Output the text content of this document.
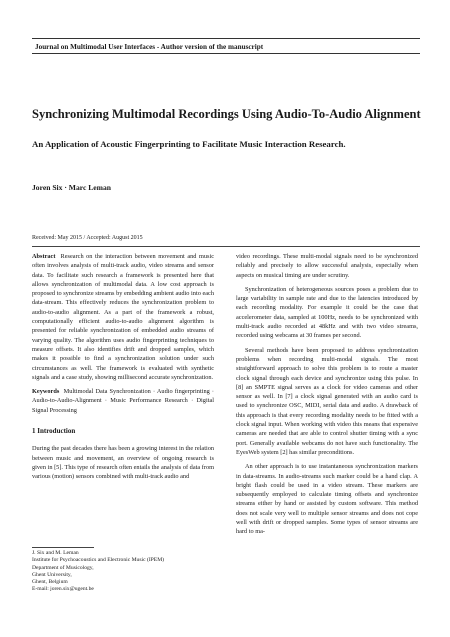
Journal on Multimodal User Interfaces - Author version of the manuscript
Synchronizing Multimodal Recordings Using Audio-To-Audio Alignment
An Application of Acoustic Fingerprinting to Facilitate Music Interaction Research.
Joren Six · Marc Leman
Received: May 2015 / Accepted: August 2015

Abstract Research on the interaction between movement and music often involves analysis of multi-track audio, video streams and sensor data. To facilitate such research a framework is presented here that allows synchronization of multimodal data. A low cost approach is proposed to synchronize streams by embedding ambient audio into each data-stream. This effectively reduces the synchronization problem to audio-to-audio alignment. As a part of the framework a robust, computationally efficient audio-to-audio alignment algorithm is presented for reliable synchronization of embedded audio streams of varying quality. The algorithm uses audio fingerprinting techniques to measure offsets. It also identifies drift and dropped samples, which makes it possible to find a synchronization solution under such circumstances as well. The framework is evaluated with synthetic signals and a case study, showing millisecond accurate synchronization.

Keywords Multimodal Data Synchronization · Audio fingerprinting · Audio-to-Audio-Alignment · Music Performance Research · Digital Signal Processing

1 Introduction

During the past decades there has been a growing interest in the relation between music and movement, an overview of ongoing research is given in [5]. This type of research often entails the analysis of data from various (motion) sensors combined with multi-track audio and

J. Six and M. Leman
Institute for Psychoacoustics and Electronic Music (IPEM)
Department of Musicology,
Ghent University,
Ghent, Belgium
E-mail: joren.six@ugent.be

video recordings. These multi-modal signals need to be synchronized reliably and precisely to allow successful analysis, especially when aspects on musical timing are under scrutiny.

Synchronization of heterogeneous sources poses a problem due to large variability in sample rate and due to the latencies introduced by each recording modality. For example it could be the case that accelerometer data, sampled at 100Hz, needs to be synchronized with multi-track audio recorded at 48kHz and with two video streams, recorded using webcams at 30 frames per second.

Several methods have been proposed to address synchronization problems when recording multi-modal signals. The most straightforward approach to solve this problem is to route a master clock signal through each device and synchronize using this pulse. In [8] an SMPTE signal serves as a clock for video cameras and other sensor as well. In [7] a clock signal generated with an audio card is used to synchronize OSC, MIDI, serial data and audio. A drawback of this approach is that every recording modality needs to be fitted with a clock signal input. When working with video this means that expensive cameras are needed that are able to control shutter timing with a sync port. Generally available webcams do not have such functionality. The EyesWeb system [2] has similar preconditions.

An other approach is to use instantaneous synchronization markers in data-streams. In audio-streams such marker could be a hand clap. A bright flash could be used in a video stream. These markers are subsequently employed to calculate timing offsets and synchronize streams either by hand or assisted by custom software. This method does not scale very well to multiple sensor streams and does not cope well with drift or dropped samples. Some types of sensor streams are hard to ma-
